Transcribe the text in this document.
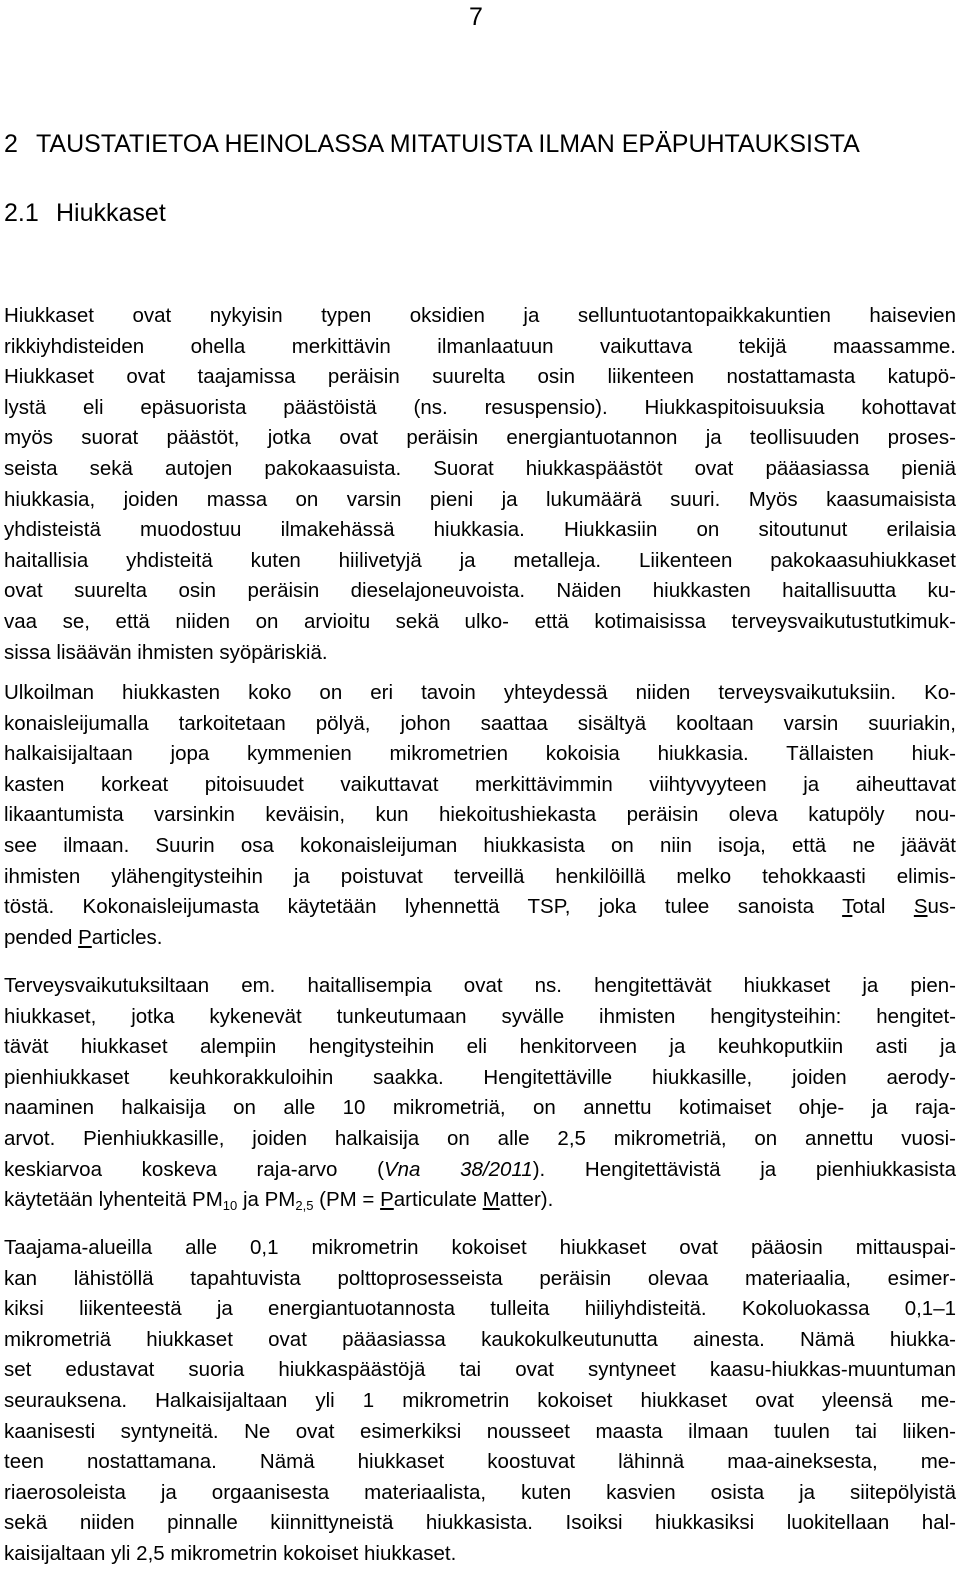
7
2 TAUSTATIETOA HEINOLASSA MITATUISTA ILMAN EPÄPUHTAUKSISTA
2.1 Hiukkaset
Hiukkaset ovat nykyisin typen oksidien ja selluntuotantopaikkakuntien haisevien
rikkiyhdisteiden ohella merkittävin ilmanlaatuun vaikuttava tekijä maassamme.
Hiukkaset ovat taajamissa peräisin suurelta osin liikenteen nostattamasta katupö-
lystä eli epäsuorista päästöistä (ns. resuspensio). Hiukkaspitoisuuksia kohottavat
myös suorat päästöt, jotka ovat peräisin energiantuotannon ja teollisuuden proses-
seista sekä autojen pakokaasuista. Suorat hiukkaspäästöt ovat pääasiassa pieniä
hiukkasia, joiden massa on varsin pieni ja lukumäärä suuri. Myös kaasumaisista
yhdisteistä muodostuu ilmakehässä hiukkasia. Hiukkasiin on sitoutunut erilaisia
haitallisia yhdisteitä kuten hiilivetyjä ja metalleja. Liikenteen pakokaasuhiukkaset
ovat suurelta osin peräisin dieselajoneuvoista. Näiden hiukkasten haitallisuutta ku-
vaa se, että niiden on arvioitu sekä ulko- että kotimaisissa terveysvaikutustutkimuk-
sissa lisäävän ihmisten syöpäriskiä.
Ulkoilman hiukkasten koko on eri tavoin yhteydessä niiden terveysvaikutuksiin. Ko-
konaisleijumalla tarkoitetaan pölyä, johon saattaa sisältyä kooltaan varsin suuriakin,
halkaisijaltaan jopa kymmenien mikrometrien kokoisia hiukkasia. Tällaisten hiuk-
kasten korkeat pitoisuudet vaikuttavat merkittävimmin viihtyvyyteen ja aiheuttavat
likaantumista varsinkin keväisin, kun hiekoitushiekasta peräisin oleva katupöly nou-
see ilmaan. Suurin osa kokonaisleijuman hiukkasista on niin isoja, että ne jäävät
ihmisten ylähengitysteihin ja poistuvat terveillä henkilöillä melko tehokkaasti elimis-
töstä. Kokonaisleijumasta käytetään lyhennettä TSP, joka tulee sanoista Total Sus-
pended Particles.
Terveysvaikutuksiltaan em. haitallisempia ovat ns. hengitettävät hiukkaset ja pien-
hiukkaset, jotka kykenevät tunkeutumaan syvälle ihmisten hengitysteihin: hengitet-
tävät hiukkaset alempiin hengitysteihin eli henkitorveen ja keuhkoputkiin asti ja
pienhiukkaset keuhkorakkuloihin saakka. Hengitettäville hiukkasille, joiden aerody-
naaminen halkaisija on alle 10 mikrometriä, on annettu kotimaiset ohje- ja raja-
arvot. Pienhiukkasille, joiden halkaisija on alle 2,5 mikrometriä, on annettu vuosi-
keskiarvoa koskeva raja-arvo (Vna 38/2011). Hengitettävistä ja pienhiukkasista
käytetään lyhenteitä $PM_{10}$ ja $PM_{2,5}$ (PM = Particulate Matter).
Taajama-alueilla alle 0,1 mikrometrin kokoiset hiukkaset ovat pääosin mittauspai-
kan lähistöllä tapahtuvista polttoprosesseista peräisin olevaa materiaalia, esimer-
kiksi liikenteestä ja energiantuotannosta tulleita hiiliyhdisteitä. Kokoluokassa 0,1–1
mikrometriä hiukkaset ovat pääasiassa kaukokulkeutunutta ainesta. Nämä hiukka-
set edustavat suoria hiukkaspäästöjä tai ovat syntyneet kaasu-hiukkas-muuntuman
seurauksena. Halkaisijaltaan yli 1 mikrometrin kokoiset hiukkaset ovat yleensä me-
kaanisesti syntyneitä. Ne ovat esimerkiksi nousseet maasta ilmaan tuulen tai liiken-
teen nostattamana. Nämä hiukkaset koostuvat lähinnä maa-aineksesta, me-
riaerosoleista ja orgaanisesta materiaalista, kuten kasvien osista ja siitepölyistä
sekä niiden pinnalle kiinnittyneistä hiukkasista. Isoiksi hiukkasiksi luokitellaan hal-
kaisijaltaan yli 2,5 mikrometrin kokoiset hiukkaset.
